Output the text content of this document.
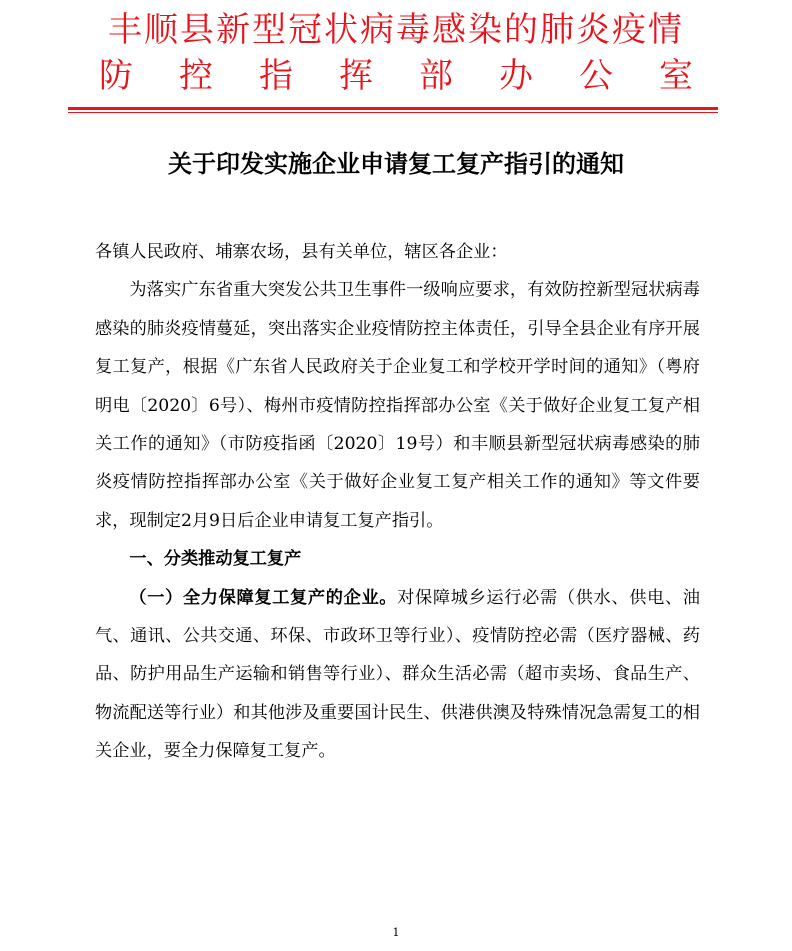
丰顺县新型冠状病毒感染的肺炎疫情
防 控 指 挥 部 办 公 室
关于印发实施企业申请复工复产指引的通知

各镇人民政府、埔寨农场，县有关单位，辖区各企业：

为落实广东省重大突发公共卫生事件一级响应要求，有效防控新型冠状病毒感染的肺炎疫情蔓延，突出落实企业疫情防控主体责任，引导全县企业有序开展复工复产，根据《广东省人民政府关于企业复工和学校开学时间的通知》（粤府明电〔2020〕6号）、梅州市疫情防控指挥部办公室《关于做好企业复工复产相关工作的通知》（市防疫指函〔2020〕19号）和丰顺县新型冠状病毒感染的肺炎疫情防控指挥部办公室《关于做好企业复工复产相关工作的通知》等文件要求，现制定2月9日后企业申请复工复产指引。

一、分类推动复工复产

（一）全力保障复工复产的企业。对保障城乡运行必需（供水、供电、油气、通讯、公共交通、环保、市政环卫等行业）、疫情防控必需（医疗器械、药品、防护用品生产运输和销售等行业）、群众生活必需（超市卖场、食品生产、物流配送等行业）和其他涉及重要国计民生、供港供澳及特殊情况急需复工的相关企业，要全力保障复工复产。

1
